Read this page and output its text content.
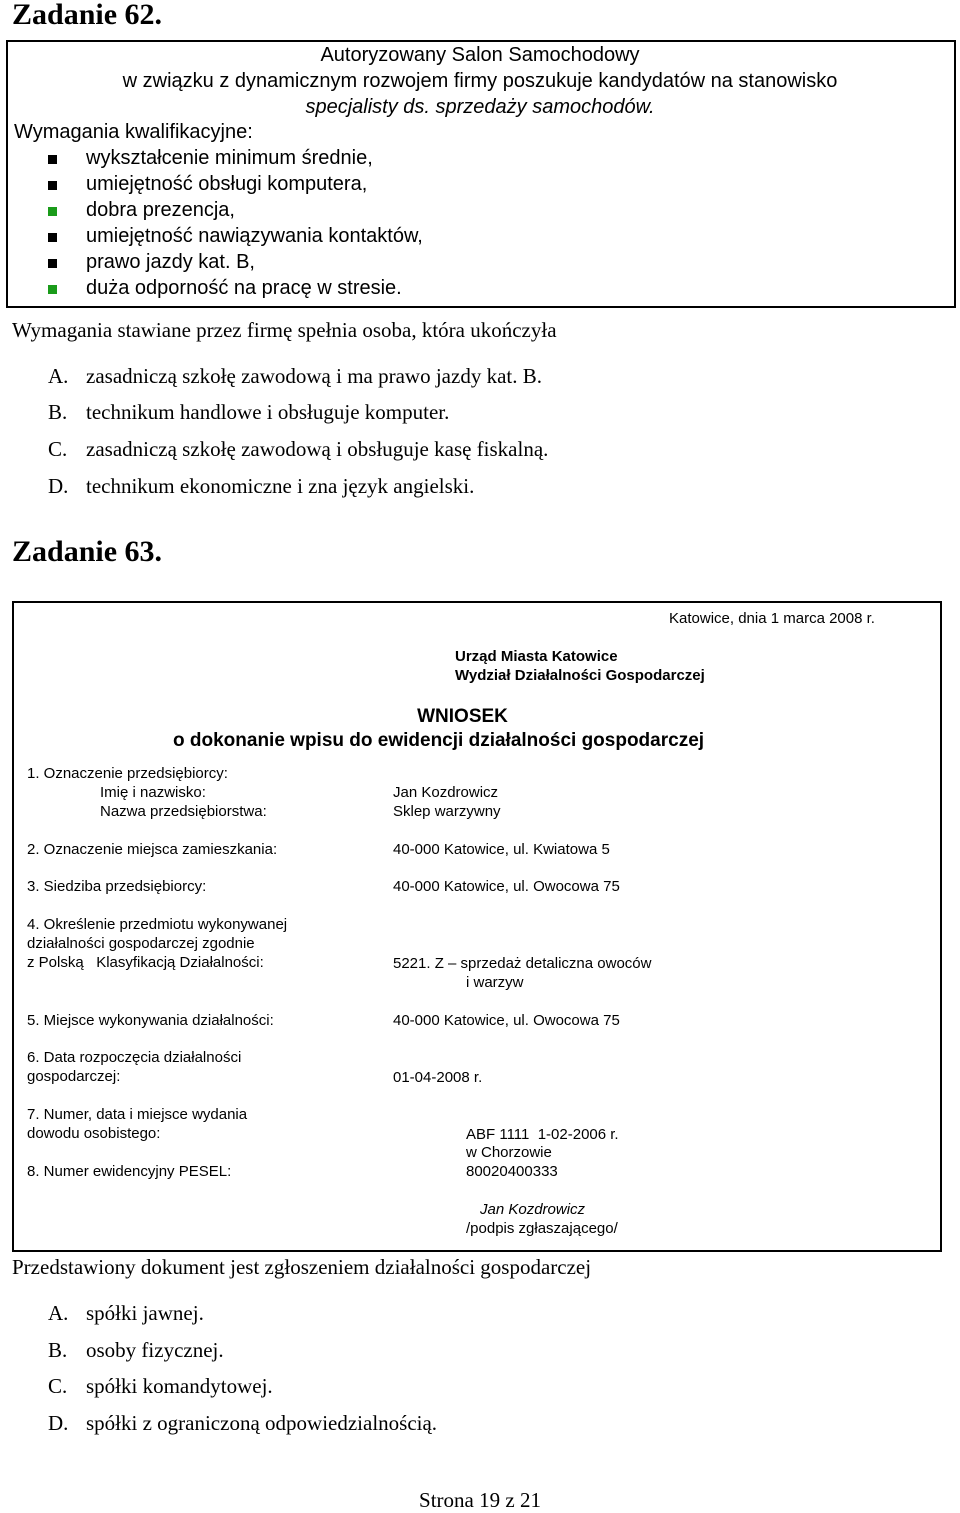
Zadanie 62.
Autoryzowany Salon Samochodowy
w związku z dynamicznym rozwojem firmy poszukuje kandydatów na stanowisko
specjalisty ds. sprzedaży samochodów.
Wymagania kwalifikacyjne:
wykształcenie minimum średnie,
umiejętność obsługi komputera,
dobra prezencja,
umiejętność nawiązywania kontaktów,
prawo jazdy kat. B,
duża odporność na pracę w stresie.
Wymagania stawiane przez firmę spełnia osoba, która ukończyła
A. zasadniczą szkołę zawodową i ma prawo jazdy kat. B.
B. technikum handlowe i obsługuje komputer.
C. zasadniczą szkołę zawodową i obsługuje kasę fiskalną.
D. technikum ekonomiczne i zna język angielski.
Zadanie 63.
Katowice, dnia 1 marca 2008 r.
Urząd Miasta Katowice
Wydział Działalności Gospodarczej
WNIOSEK
o dokonanie wpisu do ewidencji działalności gospodarczej
1. Oznaczenie przedsiębiorcy:
Imię i nazwisko:	Jan Kozdrowicz
Nazwa przedsiębiorstwa:	Sklep warzywny
2. Oznaczenie miejsca zamieszkania:	40-000 Katowice, ul. Kwiatowa 5
3. Siedziba przedsiębiorcy:	40-000 Katowice, ul. Owocowa 75
4. Określenie przedmiotu wykonywanej
działalności gospodarczej zgodnie
z Polską   Klasyfikacją Działalności:	5221. Z – sprzedaż detaliczna owoców
i warzyw
5. Miejsce wykonywania działalności:	40-000 Katowice, ul. Owocowa 75
6. Data rozpoczęcia działalności
gospodarczej:	01-04-2008 r.
7. Numer, data i miejsce wydania
dowodu osobistego:	ABF 1111  1-02-2006 r.
w Chorzowie
8. Numer ewidencyjny PESEL:	80020400333
Jan Kozdrowicz
/podpis zgłaszającego/
Przedstawiony dokument jest zgłoszeniem działalności gospodarczej
A. spółki jawnej.
B. osoby fizycznej.
C. spółki komandytowej.
D. spółki z ograniczoną odpowiedzialnością.
Strona 19 z 21
